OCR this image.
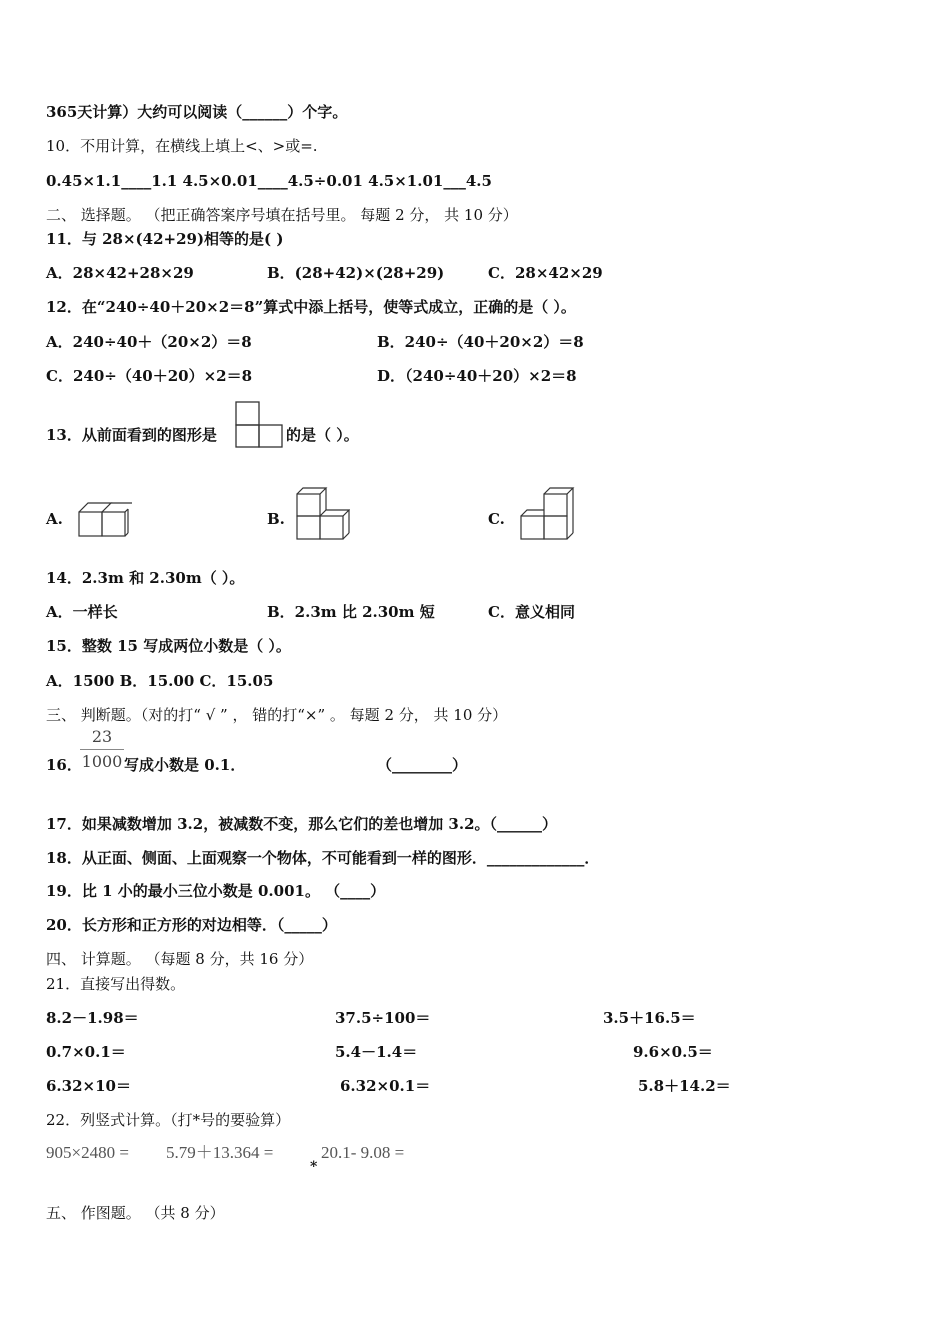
365天计算）大约可以阅读（______）个字。
10．不用计算，在横线上填上<、>或=.
0.45×1.1____1.1 4.5×0.01____4.5÷0.01 4.5×1.01___4.5
二、 选择题。 （把正确答案序号填在括号里。 每题 2 分， 共 10 分）
11．与 28×(42+29)相等的是( )
A．28×42+28×29	B．(28+42)×(28+29)	C．28×42×29
12．在“240÷40＋20×2＝8”算式中添上括号，使等式成立，正确的是（ ）。
A．240÷40＋（20×2）＝8	B．240÷（40＋20×2）＝8
C．240÷（40＋20）×2＝8	D．（240÷40＋20）×2＝8
13．从前面看到的图形是	的是（ ）。
A.	B.	C.
14．2.3m 和 2.30m（ ）。
A．一样长	B．2.3m 比 2.30m 短	C．意义相同
15．整数 15 写成两位小数是（ ）。
A．1500 B．15.00 C．15.05
三、 判断题。（对的打“ √ ” ， 错的打“×” 。 每题 2 分， 共 10 分）
16．
23
1000 写成小数是 0.1．	（________）
17．如果减数增加 3.2，被减数不变，那么它们的差也增加 3.2。（______）
18．从正面、侧面、上面观察一个物体，不可能看到一样的图形．_____________．
19．比 1 小的最小三位小数是 0.001。 （____）
20．长方形和正方形的对边相等．（_____）
四、 计算题。 （每题 8 分，共 16 分）
21．直接写出得数。
8.2－1.98＝	37.5÷100＝	3.5＋16.5＝
0.7×0.1＝	5.4－1.4＝	9.6×0.5＝
6.32×10＝	6.32×0.1＝	5.8＋14.2＝
22．列竖式计算。（打*号的要验算）
905×2480 = 5.79＋13.364 =
*
20.1- 9.08 =
五、 作图题。 （共 8 分）
